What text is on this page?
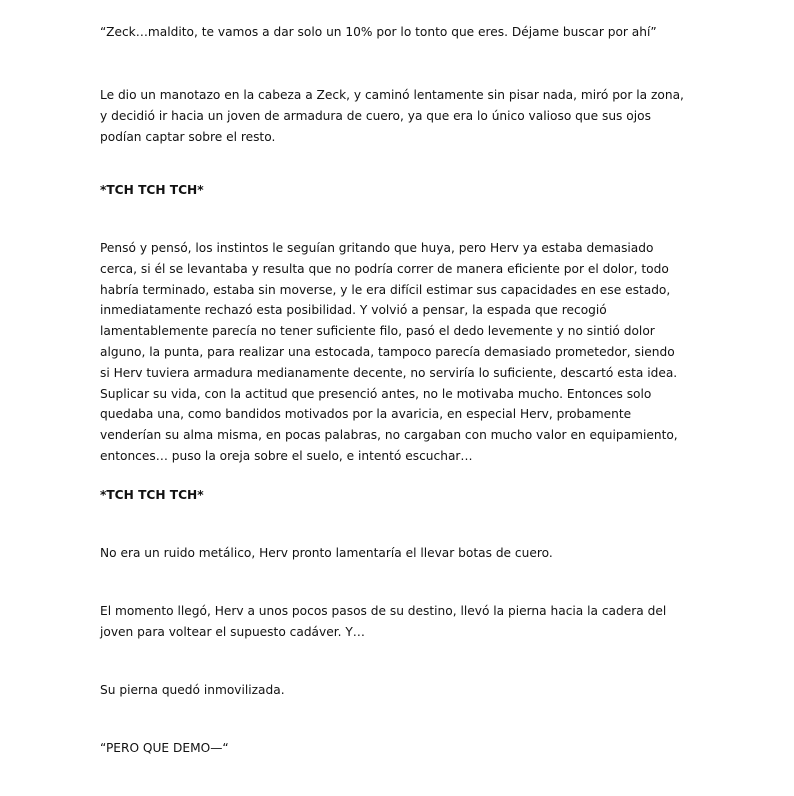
“Zeck…maldito, te vamos a dar solo un 10% por lo tonto que eres. Déjame buscar por ahí”

Le dio un manotazo en la cabeza a Zeck, y caminó lentamente sin pisar nada, miró por la zona, y decidió ir hacia un joven de armadura de cuero, ya que era lo único valioso que sus ojos podían captar sobre el resto.

*TCH TCH TCH*

Pensó y pensó, los instintos le seguían gritando que huya, pero Herv ya estaba demasiado cerca, si él se levantaba y resulta que no podría correr de manera eficiente por el dolor, todo habría terminado, estaba sin moverse, y le era difícil estimar sus capacidades en ese estado, inmediatamente rechazó esta posibilidad. Y volvió a pensar, la espada que recogió lamentablemente parecía no tener suficiente filo, pasó el dedo levemente y no sintió dolor alguno, la punta, para realizar una estocada, tampoco parecía demasiado prometedor, siendo si Herv tuviera armadura medianamente decente, no serviría lo suficiente, descartó esta idea. Suplicar su vida, con la actitud que presenció antes, no le motivaba mucho. Entonces solo quedaba una, como bandidos motivados por la avaricia, en especial Herv, probamente venderían su alma misma, en pocas palabras, no cargaban con mucho valor en equipamiento, entonces… puso la oreja sobre el suelo, e intentó escuchar…

*TCH TCH TCH*

No era un ruido metálico, Herv pronto lamentaría el llevar botas de cuero.

El momento llegó, Herv a unos pocos pasos de su destino, llevó la pierna hacia la cadera del joven para voltear el supuesto cadáver. Y…

Su pierna quedó inmovilizada.

“PERO QUE DEMO—“
